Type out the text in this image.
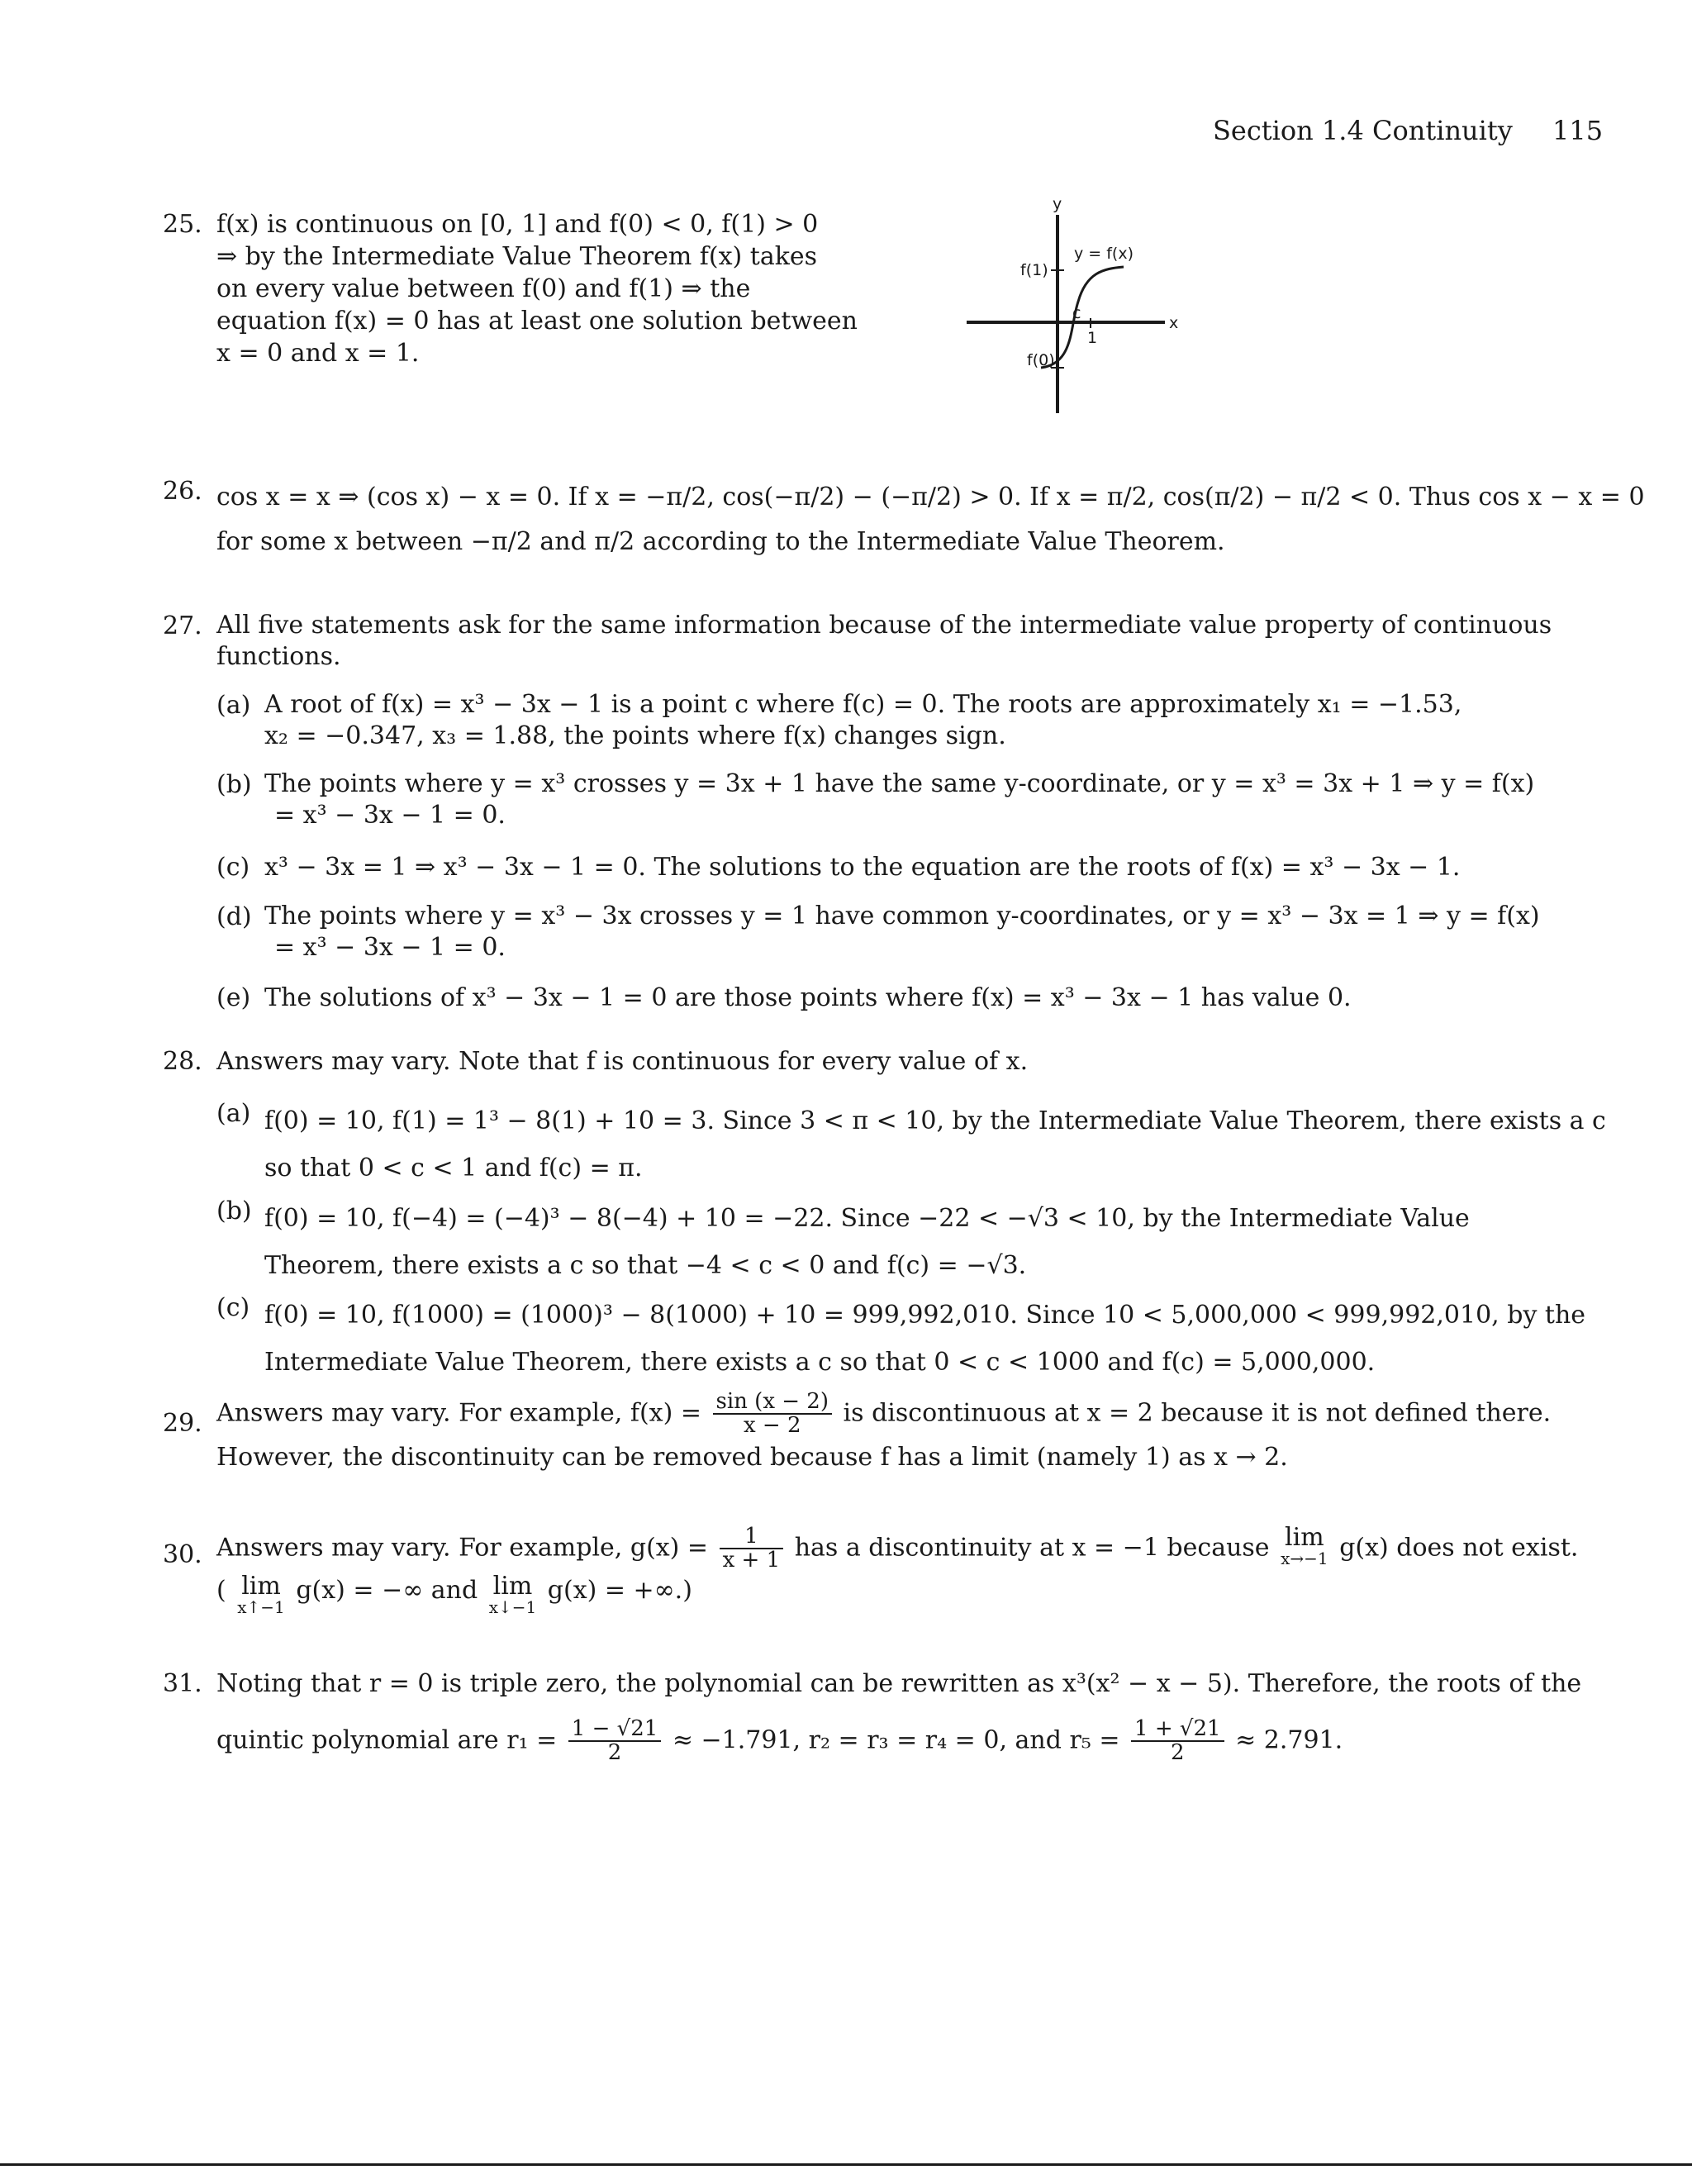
Section 1.4 Continuity 115
25. f(x) is continuous on [0, 1] and f(0) < 0, f(1) > 0
⇒ by the Intermediate Value Theorem f(x) takes
on every value between f(0) and f(1) ⇒ the
equation f(x) = 0 has at least one solution between
x = 0 and x = 1.
y
x
y = f(x)
f(1)
f(0)
c
1
26. cos x = x ⇒ (cos x) − x = 0. If x = −π/2, cos(−π/2) − (−π/2) > 0. If x = π/2, cos(π/2) − π/2 < 0. Thus cos x − x = 0
for some x between −π/2 and π/2 according to the Intermediate Value Theorem.
27. All five statements ask for the same information because of the intermediate value property of continuous
functions.
(a) A root of f(x) = x³ − 3x − 1 is a point c where f(c) = 0. The roots are approximately x₁ = −1.53,
x₂ = −0.347, x₃ = 1.88, the points where f(x) changes sign.
(b) The points where y = x³ crosses y = 3x + 1 have the same y-coordinate, or y = x³ = 3x + 1 ⇒ y = f(x)
= x³ − 3x − 1 = 0.
(c) x³ − 3x = 1 ⇒ x³ − 3x − 1 = 0. The solutions to the equation are the roots of f(x) = x³ − 3x − 1.
(d) The points where y = x³ − 3x crosses y = 1 have common y-coordinates, or y = x³ − 3x = 1 ⇒ y = f(x)
= x³ − 3x − 1 = 0.
(e) The solutions of x³ − 3x − 1 = 0 are those points where f(x) = x³ − 3x − 1 has value 0.
28. Answers may vary. Note that f is continuous for every value of x.
(a) f(0) = 10, f(1) = 1³ − 8(1) + 10 = 3. Since 3 < π < 10, by the Intermediate Value Theorem, there exists a c
so that 0 < c < 1 and f(c) = π.
(b) f(0) = 10, f(−4) = (−4)³ − 8(−4) + 10 = −22. Since −22 < −√3 < 10, by the Intermediate Value
Theorem, there exists a c so that −4 < c < 0 and f(c) = −√3.
(c) f(0) = 10, f(1000) = (1000)³ − 8(1000) + 10 = 999,992,010. Since 10 < 5,000,000 < 999,992,010, by the
Intermediate Value Theorem, there exists a c so that 0 < c < 1000 and f(c) = 5,000,000.
29. Answers may vary. For example, $f(x) = \frac{\sin (x - 2)}{x - 2}$ is discontinuous at x = 2 because it is not defined there.
However, the discontinuity can be removed because f has a limit (namely 1) as x → 2.
30. Answers may vary. For example, $g(x) = \frac{1}{x + 1}$ has a discontinuity at x = −1 because lim
x→−1 g(x) does not exist.
( lim
x↑−1
g(x) = −∞ and lim
x↓−1
g(x) = +∞.)
31. Noting that r = 0 is triple zero, the polynomial can be rewritten as x³(x² − x − 5). Therefore, the roots of the
quintic polynomial are $r_1 = \frac{1 - √21}{2} \approx -1.791$, r₂ = r₃ = r₄ = 0, and $r_5 = \frac{1 + √21}{2} \approx 2.791$.
